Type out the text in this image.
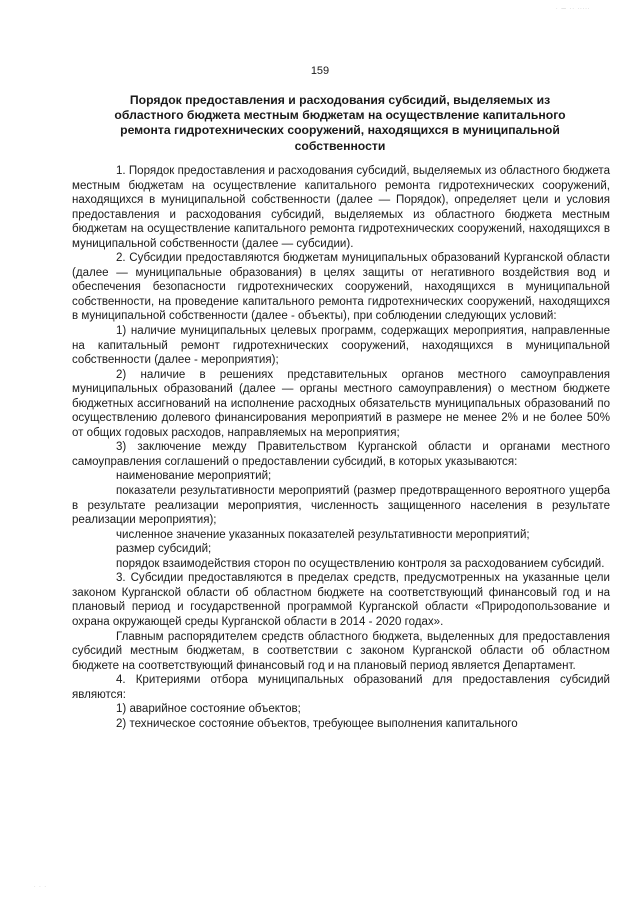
· — ·· ·····
· · ·
159
Порядок предоставления и расходования субсидий, выделяемых из областного бюджета местным бюджетам на осуществление капитального ремонта гидротехнических сооружений, находящихся в муниципальной собственности

1. Порядок предоставления и расходования субсидий, выделяемых из областного бюджета местным бюджетам на осуществление капитального ремонта гидротехнических сооружений, находящихся в муниципальной собственности (далее — Порядок), определяет цели и условия предоставления и расходования субсидий, выделяемых из областного бюджета местным бюджетам на осуществление капитального ремонта гидротехнических сооружений, находящихся в муниципальной собственности (далее — субсидии).

2. Субсидии предоставляются бюджетам муниципальных образований Курганской области (далее — муниципальные образования) в целях защиты от негативного воздействия вод и обеспечения безопасности гидротехнических сооружений, находящихся в муниципальной собственности, на проведение капитального ремонта гидротехнических сооружений, находящихся в муниципальной собственности (далее - объекты), при соблюдении следующих условий:

1) наличие муниципальных целевых программ, содержащих мероприятия, направленные на капитальный ремонт гидротехнических сооружений, находящихся в муниципальной собственности (далее - мероприятия);

2) наличие в решениях представительных органов местного самоуправления муниципальных образований (далее — органы местного самоуправления) о местном бюджете бюджетных ассигнований на исполнение расходных обязательств муниципальных образований по осуществлению долевого финансирования мероприятий в размере не менее 2% и не более 50% от общих годовых расходов, направляемых на мероприятия;

3) заключение между Правительством Курганской области и органами местного самоуправления соглашений о предоставлении субсидий, в которых указываются:

наименование мероприятий;

показатели результативности мероприятий (размер предотвращенного вероятного ущерба в результате реализации мероприятия, численность защищенного населения в результате реализации мероприятия);

численное значение указанных показателей результативности мероприятий;

размер субсидий;

порядок взаимодействия сторон по осуществлению контроля за расходованием субсидий.

3. Субсидии предоставляются в пределах средств, предусмотренных на указанные цели законом Курганской области об областном бюджете на соответствующий финансовый год и на плановый период и государственной программой Курганской области «Природопользование и охрана окружающей среды Курганской области в 2014 - 2020 годах».

Главным распорядителем средств областного бюджета, выделенных для предоставления субсидий местным бюджетам, в соответствии с законом Курганской области об областном бюджете на соответствующий финансовый год и на плановый период является Департамент.

4. Критериями отбора муниципальных образований для предоставления субсидий являются:

1) аварийное состояние объектов;

2) техническое состояние объектов, требующее выполнения капитального
